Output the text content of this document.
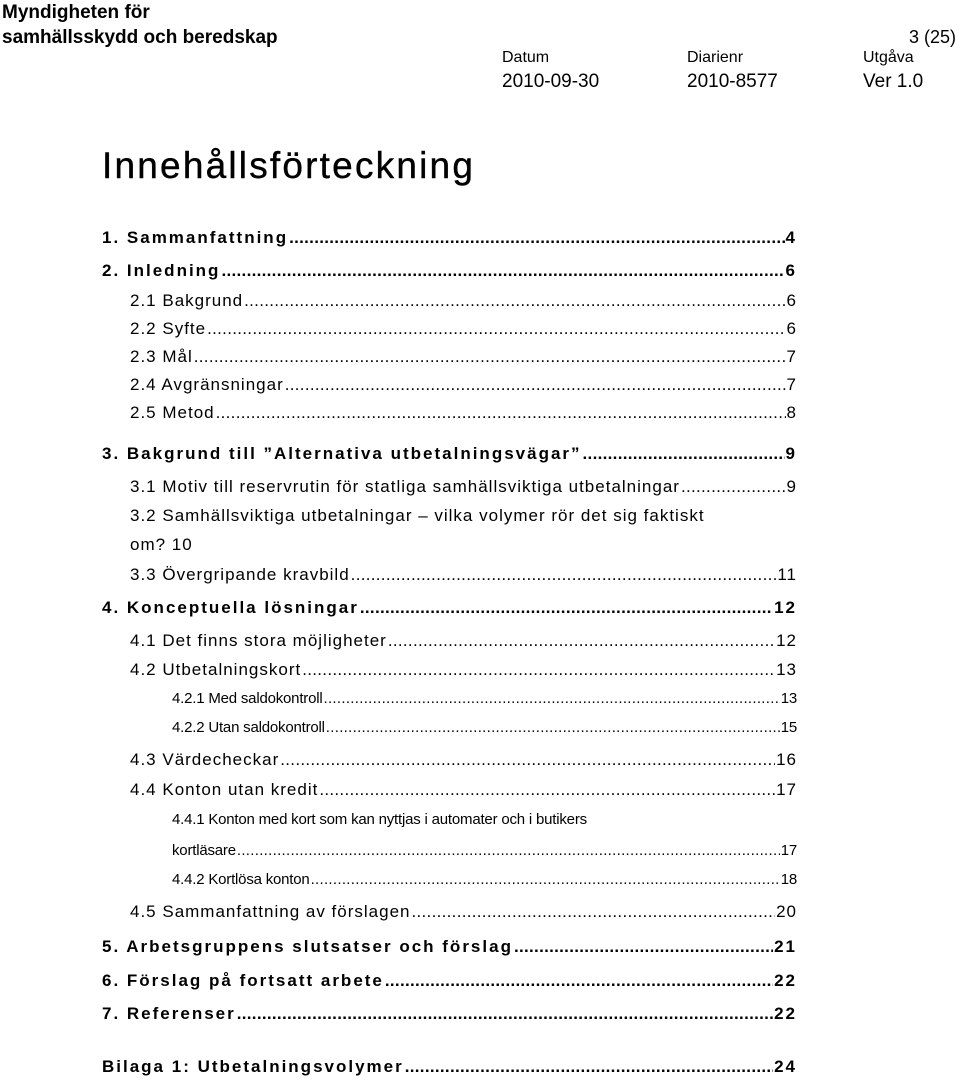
Myndigheten för
samhällsskydd och beredskap	3 (25)
Datum
2010-09-30
Diarienr
2010-8577
Utgåva
Ver 1.0
Innehållsförteckning
1. Sammanfattning .....	4
2. Inledning .....	6
2.1 Bakgrund .....	6
2.2 Syfte .....	6
2.3 Mål .....	7
2.4 Avgränsningar .....	7
2.5 Metod .....	8
3. Bakgrund till ”Alternativa utbetalningsvägar” .....	9
3.1 Motiv till reservrutin för statliga samhällsviktiga utbetalningar .....	9
3.2 Samhällsviktiga utbetalningar – vilka volymer rör det sig faktiskt
om? 10
3.3 Övergripande kravbild .....	11
4. Konceptuella lösningar .....	12
4.1 Det finns stora möjligheter .....	12
4.2 Utbetalningskort .....	13
4.2.1 Med saldokontroll .....	13
4.2.2 Utan saldokontroll .....	15
4.3 Värdecheckar .....	16
4.4 Konton utan kredit .....	17
4.4.1 Konton med kort som kan nyttjas i automater och i butikers
kortläsare .....	17
4.4.2 Kortlösa konton .....	18
4.5 Sammanfattning av förslagen .....	20
5. Arbetsgruppens slutsatser och förslag .....	21
6. Förslag på fortsatt arbete .....	22
7. Referenser .....	22
Bilaga 1: Utbetalningsvolymer .....	24
